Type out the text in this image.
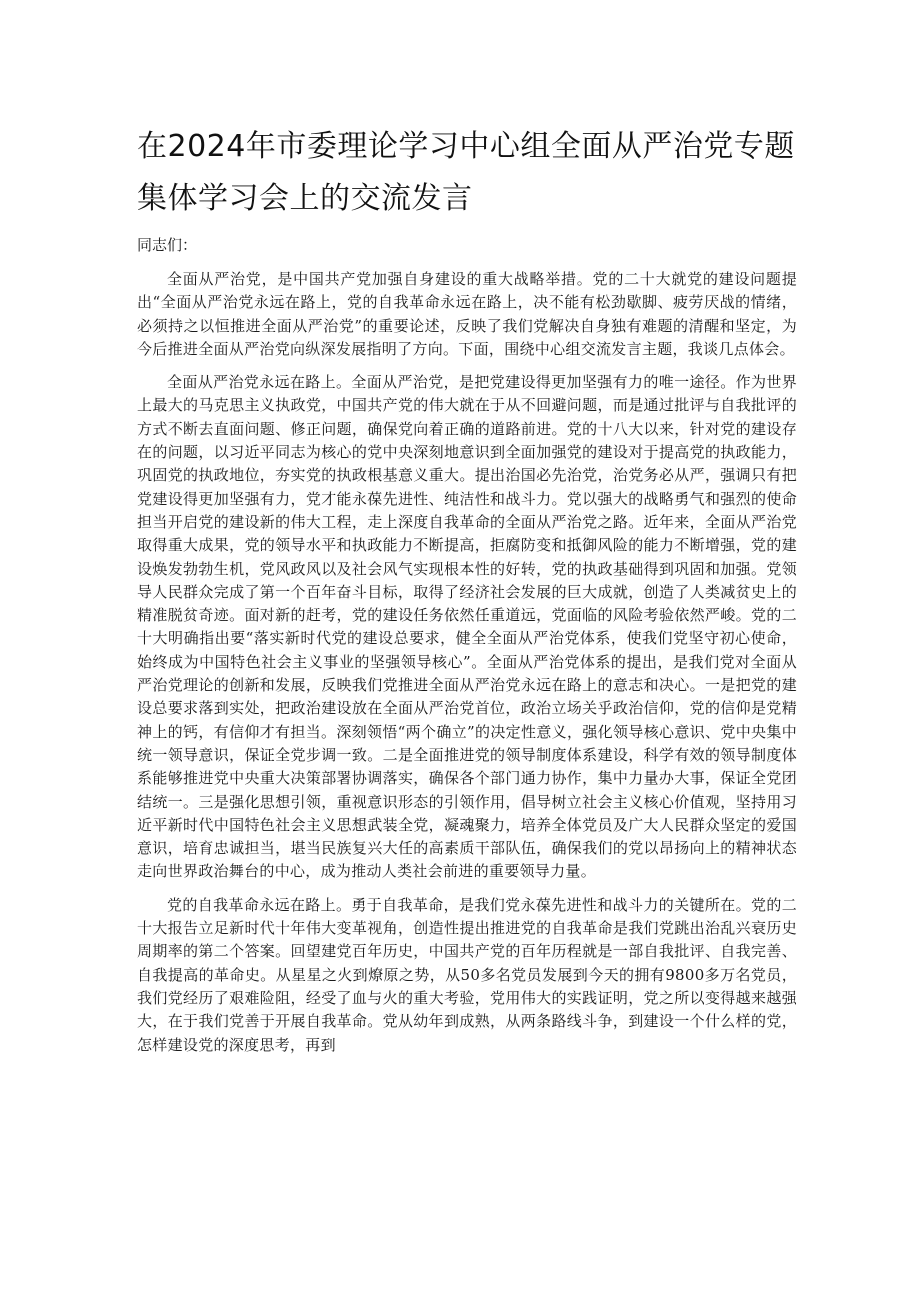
在2024年市委理论学习中心组全面从严治党专题集体学习会上的交流发言

同志们：

全面从严治党，是中国共产党加强自身建设的重大战略举措。党的二十大就党的建设问题提出“全面从严治党永远在路上，党的自我革命永远在路上，决不能有松劲歇脚、疲劳厌战的情绪，必须持之以恒推进全面从严治党”的重要论述，反映了我们党解决自身独有难题的清醒和坚定，为今后推进全面从严治党向纵深发展指明了方向。下面，围绕中心组交流发言主题，我谈几点体会。

全面从严治党永远在路上。全面从严治党，是把党建设得更加坚强有力的唯一途径。作为世界上最大的马克思主义执政党，中国共产党的伟大就在于从不回避问题，而是通过批评与自我批评的方式不断去直面问题、修正问题，确保党向着正确的道路前进。党的十八大以来，针对党的建设存在的问题，以习近平同志为核心的党中央深刻地意识到全面加强党的建设对于提高党的执政能力，巩固党的执政地位，夯实党的执政根基意义重大。提出治国必先治党，治党务必从严，强调只有把党建设得更加坚强有力，党才能永葆先进性、纯洁性和战斗力。党以强大的战略勇气和强烈的使命担当开启党的建设新的伟大工程，走上深度自我革命的全面从严治党之路。近年来，全面从严治党取得重大成果，党的领导水平和执政能力不断提高，拒腐防变和抵御风险的能力不断增强，党的建设焕发勃勃生机，党风政风以及社会风气实现根本性的好转，党的执政基础得到巩固和加强。党领导人民群众完成了第一个百年奋斗目标，取得了经济社会发展的巨大成就，创造了人类减贫史上的精准脱贫奇迹。面对新的赶考，党的建设任务依然任重道远，党面临的风险考验依然严峻。党的二十大明确指出要“落实新时代党的建设总要求，健全全面从严治党体系，使我们党坚守初心使命，始终成为中国特色社会主义事业的坚强领导核心”。全面从严治党体系的提出，是我们党对全面从严治党理论的创新和发展，反映我们党推进全面从严治党永远在路上的意志和决心。一是把党的建设总要求落到实处，把政治建设放在全面从严治党首位，政治立场关乎政治信仰，党的信仰是党精神上的钙，有信仰才有担当。深刻领悟“两个确立”的决定性意义，强化领导核心意识、党中央集中统一领导意识，保证全党步调一致。二是全面推进党的领导制度体系建设，科学有效的领导制度体系能够推进党中央重大决策部署协调落实，确保各个部门通力协作，集中力量办大事，保证全党团结统一。三是强化思想引领，重视意识形态的引领作用，倡导树立社会主义核心价值观，坚持用习近平新时代中国特色社会主义思想武装全党，凝魂聚力，培养全体党员及广大人民群众坚定的爱国意识，培育忠诚担当，堪当民族复兴大任的高素质干部队伍，确保我们的党以昂扬向上的精神状态走向世界政治舞台的中心，成为推动人类社会前进的重要领导力量。

党的自我革命永远在路上。勇于自我革命，是我们党永葆先进性和战斗力的关键所在。党的二十大报告立足新时代十年伟大变革视角，创造性提出推进党的自我革命是我们党跳出治乱兴衰历史周期率的第二个答案。回望建党百年历史，中国共产党的百年历程就是一部自我批评、自我完善、自我提高的革命史。从星星之火到燎原之势，从50多名党员发展到今天的拥有9800多万名党员，我们党经历了艰难险阻，经受了血与火的重大考验，党用伟大的实践证明，党之所以变得越来越强大，在于我们党善于开展自我革命。党从幼年到成熟，从两条路线斗争，到建设一个什么样的党，怎样建设党的深度思考，再到
